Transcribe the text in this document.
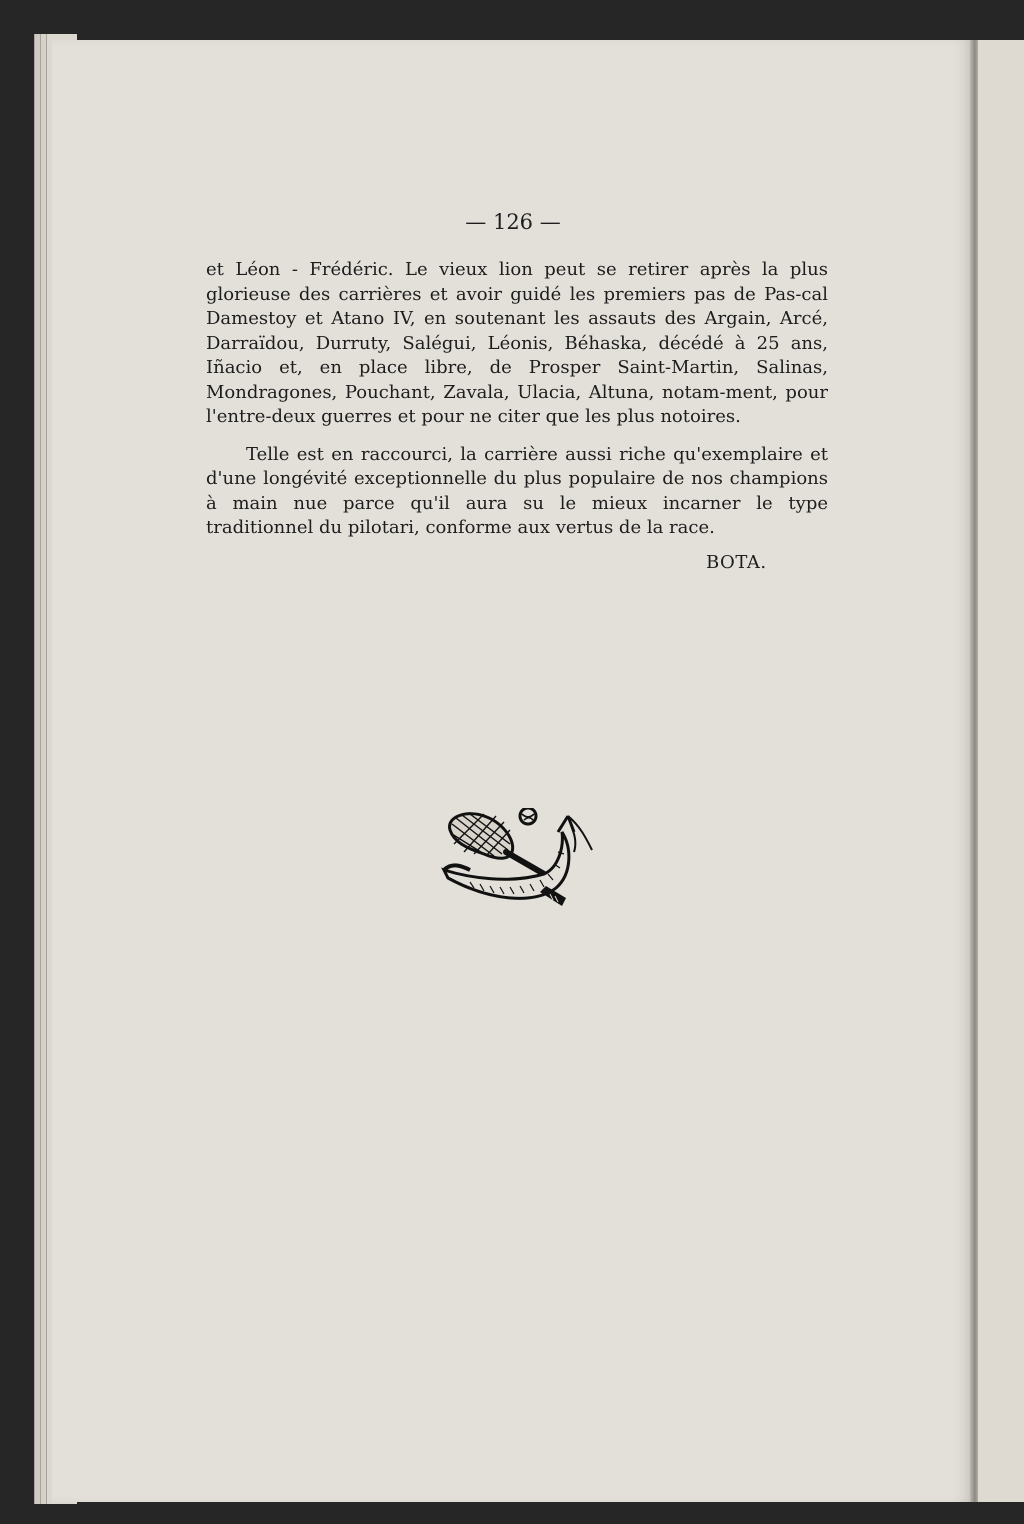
— 126 —

et Léon - Frédéric. Le vieux lion peut se retirer après la plus glorieuse des carrières et avoir guidé les premiers pas de Pas-cal Damestoy et Atano IV, en soutenant les assauts des Argain, Arcé, Darraïdou, Durruty, Salégui, Léonis, Béhaska, décédé à 25 ans, Iñacio et, en place libre, de Prosper Saint-Martin, Salinas, Mondragones, Pouchant, Zavala, Ulacia, Altuna, notam-ment, pour l'entre-deux guerres et pour ne citer que les plus notoires.

Telle est en raccourci, la carrière aussi riche qu'exemplaire et d'une longévité exceptionnelle du plus populaire de nos champions à main nue parce qu'il aura su le mieux incarner le type traditionnel du pilotari, conforme aux vertus de la race.

BOTA.
